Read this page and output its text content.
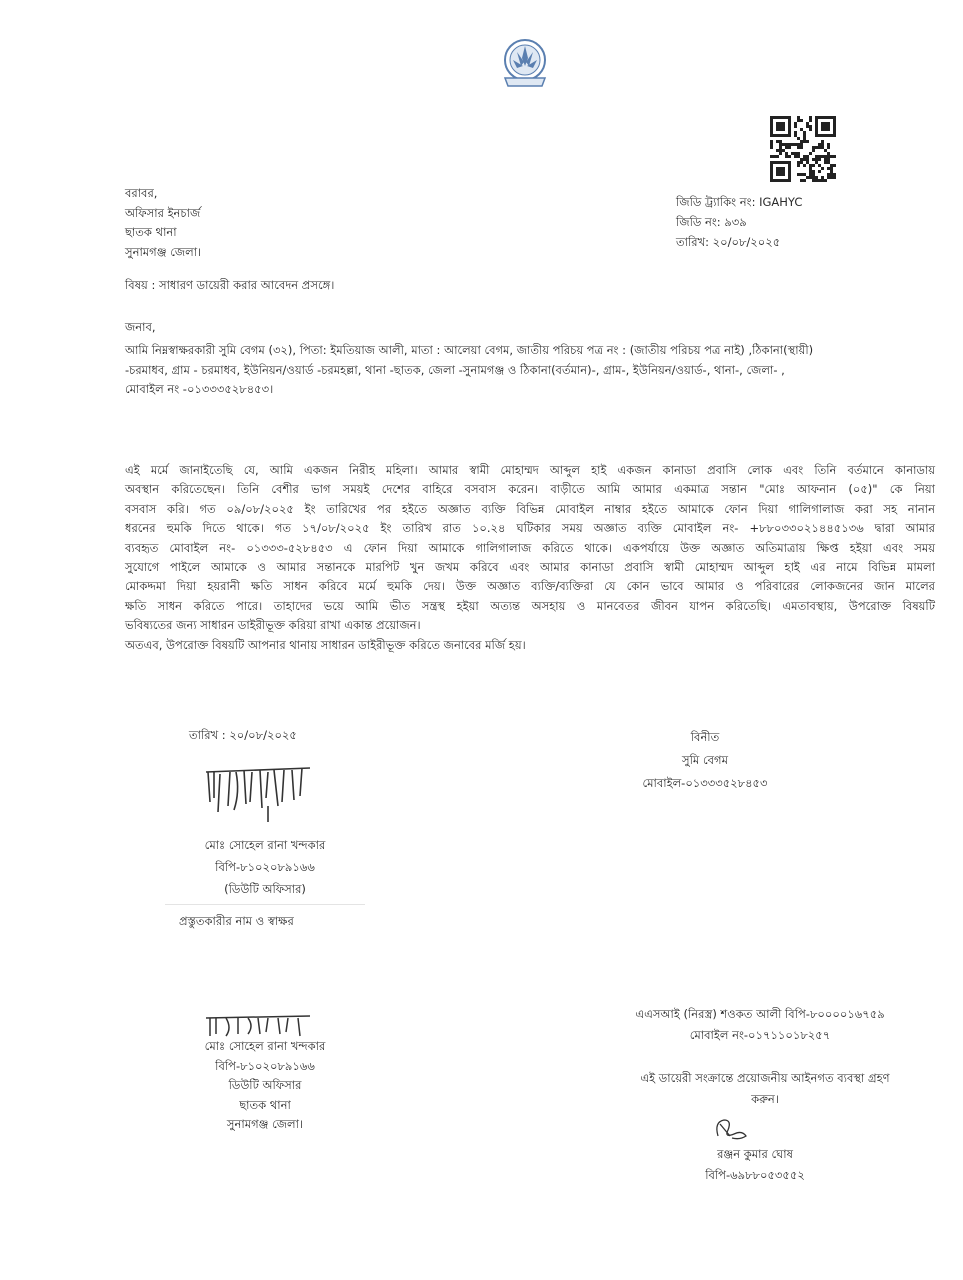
জিডি ট্র্যাকিং নং: IGAHYC
জিডি নং: ৯৩৯
তারিখ: ২০/০৮/২০২৫
বরাবর,
অফিসার ইনচার্জ
ছাতক থানা
সুনামগঞ্জ জেলা।
বিষয় : সাধারণ ডায়েরী করার আবেদন প্রসঙ্গে।
জনাব,
আমি নিম্নস্বাক্ষরকারী সুমি বেগম (৩২), পিতা: ইমতিয়াজ আলী, মাতা : আলেয়া বেগম, জাতীয় পরিচয় পত্র নং : (জাতীয় পরিচয় পত্র নাই) ,ঠিকানা(স্থায়ী)
-চরমাধব, গ্রাম - চরমাধব, ইউনিয়ন/ওয়ার্ড -চরমহল্লা, থানা -ছাতক, জেলা -সুনামগঞ্জ ও ঠিকানা(বর্তমান)-, গ্রাম-, ইউনিয়ন/ওয়ার্ড-, থানা-, জেলা- ,
মোবাইল নং -০১৩৩৩৫২৮৪৫৩।
এই মর্মে জানাইতেছি যে, আমি একজন নিরীহ মহিলা। আমার স্বামী মোহাম্মদ আব্দুল হাই একজন কানাডা প্রবাসি লোক এবং তিনি বর্তমানে কানাডায়
অবস্থান করিতেছেন। তিনি বেশীর ভাগ সময়ই দেশের বাহিরে বসবাস করেন। বাড়ীতে আমি আমার একমাত্র সন্তান "মোঃ আফনান (০৫)" কে নিয়া
বসবাস করি। গত ০৯/০৮/২০২৫ ইং তারিখের পর হইতে অজ্ঞাত ব্যক্তি বিভিন্ন মোবাইল নাম্বার হইতে আমাকে ফোন দিয়া গালিগালাজ করা সহ নানান
ধরনের হুমকি দিতে থাকে। গত ১৭/০৮/২০২৫ ইং তারিখ রাত ১০.২৪ ঘটিকার সময় অজ্ঞাত ব্যক্তি মোবাইল নং- +৮৮০৩৩০২১৪৪৫১৩৬ দ্বারা আমার
ব্যবহৃত মোবাইল নং- ০১৩৩৩-৫২৮৪৫৩ এ ফোন দিয়া আমাকে গালিগালাজ করিতে থাকে। একপর্যায়ে উক্ত অজ্ঞাত অতিমাত্রায় ক্ষিপ্ত হইয়া এবং সময়
সুযোগে পাইলে আমাকে ও আমার সন্তানকে মারপিট খুন জখম করিবে এবং আমার কানাডা প্রবাসি স্বামী মোহাম্মদ আব্দুল হাই এর নামে বিভিন্ন মামলা
মোকদ্দমা দিয়া হয়রানী ক্ষতি সাধন করিবে মর্মে হুমকি দেয়। উক্ত অজ্ঞাত ব্যক্তি/ব্যক্তিরা যে কোন ভাবে আমার ও পরিবারের লোকজনের জান মালের
ক্ষতি সাধন করিতে পারে। তাহাদের ভয়ে আমি ভীত সন্ত্রস্থ হইয়া অত্যন্ত অসহায় ও মানবেতর জীবন যাপন করিতেছি। এমতাবস্থায়, উপরোক্ত বিষয়টি
ভবিষ্যতের জন্য সাধারন ডাইরীভূক্ত করিয়া রাখা একান্ত প্রয়োজন।
অতএব, উপরোক্ত বিষয়টি আপনার থানায় সাধারন ডাইরীভূক্ত করিতে জনাবের মর্জি হয়।
তারিখ : ২০/০৮/২০২৫
মোঃ সোহেল রানা খন্দকার
বিপি-৮১০২০৮৯১৬৬
(ডিউটি অফিসার)
প্রস্তুতকারীর নাম ও স্বাক্ষর
বিনীত
সুমি বেগম
মোবাইল-০১৩৩৩৫২৮৪৫৩
মোঃ সোহেল রানা খন্দকার
বিপি-৮১০২০৮৯১৬৬
ডিউটি অফিসার
ছাতক থানা
সুনামগঞ্জ জেলা।
এএসআই (নিরস্ত্র) শওকত আলী বিপি-৮০০০০১৬৭৫৯
মোবাইল নং-০১৭১১০১৮২৫৭
এই ডায়েরী সংক্রান্তে প্রয়োজনীয় আইনগত ব্যবস্থা গ্রহণ
করুন।
রঞ্জন কুমার ঘোষ
বিপি-৬৯৮৮০৫৩৫৫২
